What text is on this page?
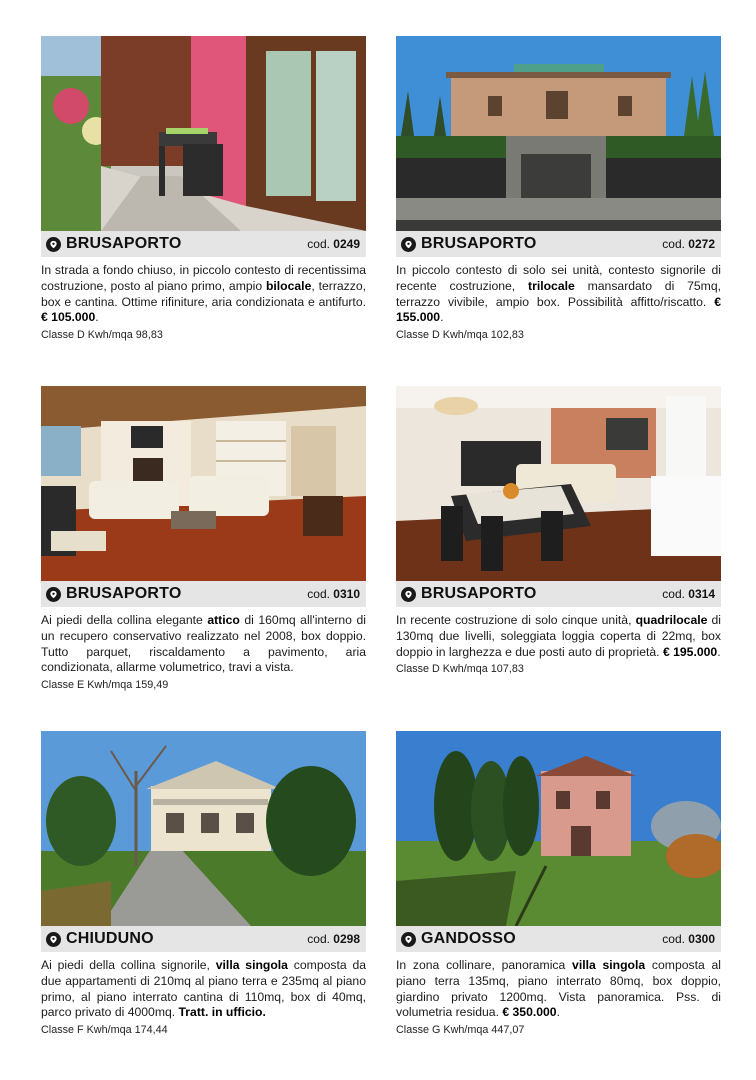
BRUSAPORTO	cod. 0249

In strada a fondo chiuso, in piccolo contesto di recentissima costruzione, posto al piano primo, ampio bilocale, terrazzo, box e cantina. Ottime rifiniture, aria condizionata e antifurto. € 105.000.

Classe D Kwh/mqa 98,83
BRUSAPORTO	cod. 0272

In piccolo contesto di solo sei unità, contesto signorile di recente costruzione, trilocale mansardato di 75mq, terrazzo vivibile, ampio box. Possibilità affitto/riscatto. € 155.000.

Classe D Kwh/mqa 102,83
BRUSAPORTO	cod. 0310

Ai piedi della collina elegante attico di 160mq all'interno di un recupero conservativo realizzato nel 2008, box doppio. Tutto parquet, riscaldamento a pavimento, aria condizionata, allarme volumetrico, travi a vista.

Classe E Kwh/mqa 159,49
BRUSAPORTO	cod. 0314

In recente costruzione di solo cinque unità, quadrilocale di 130mq due livelli, soleggiata loggia coperta di 22mq, box doppio in larghezza e due posti auto di proprietà. € 195.000.

Classe D Kwh/mqa 107,83
CHIUDUNO	cod. 0298

Ai piedi della collina signorile, villa singola composta da due appartamenti di 210mq al piano terra e 235mq al piano primo, al piano interrato cantina di 110mq, box di 40mq, parco privato di 4000mq. Tratt. in ufficio.

Classe F Kwh/mqa 174,44
GANDOSSO	cod. 0300

In zona collinare, panoramica villa singola composta al piano terra 135mq, piano interrato 80mq, box doppio, giardino privato 1200mq. Vista panoramica. Pss. di volumetria residua. € 350.000.

Classe G Kwh/mqa 447,07
